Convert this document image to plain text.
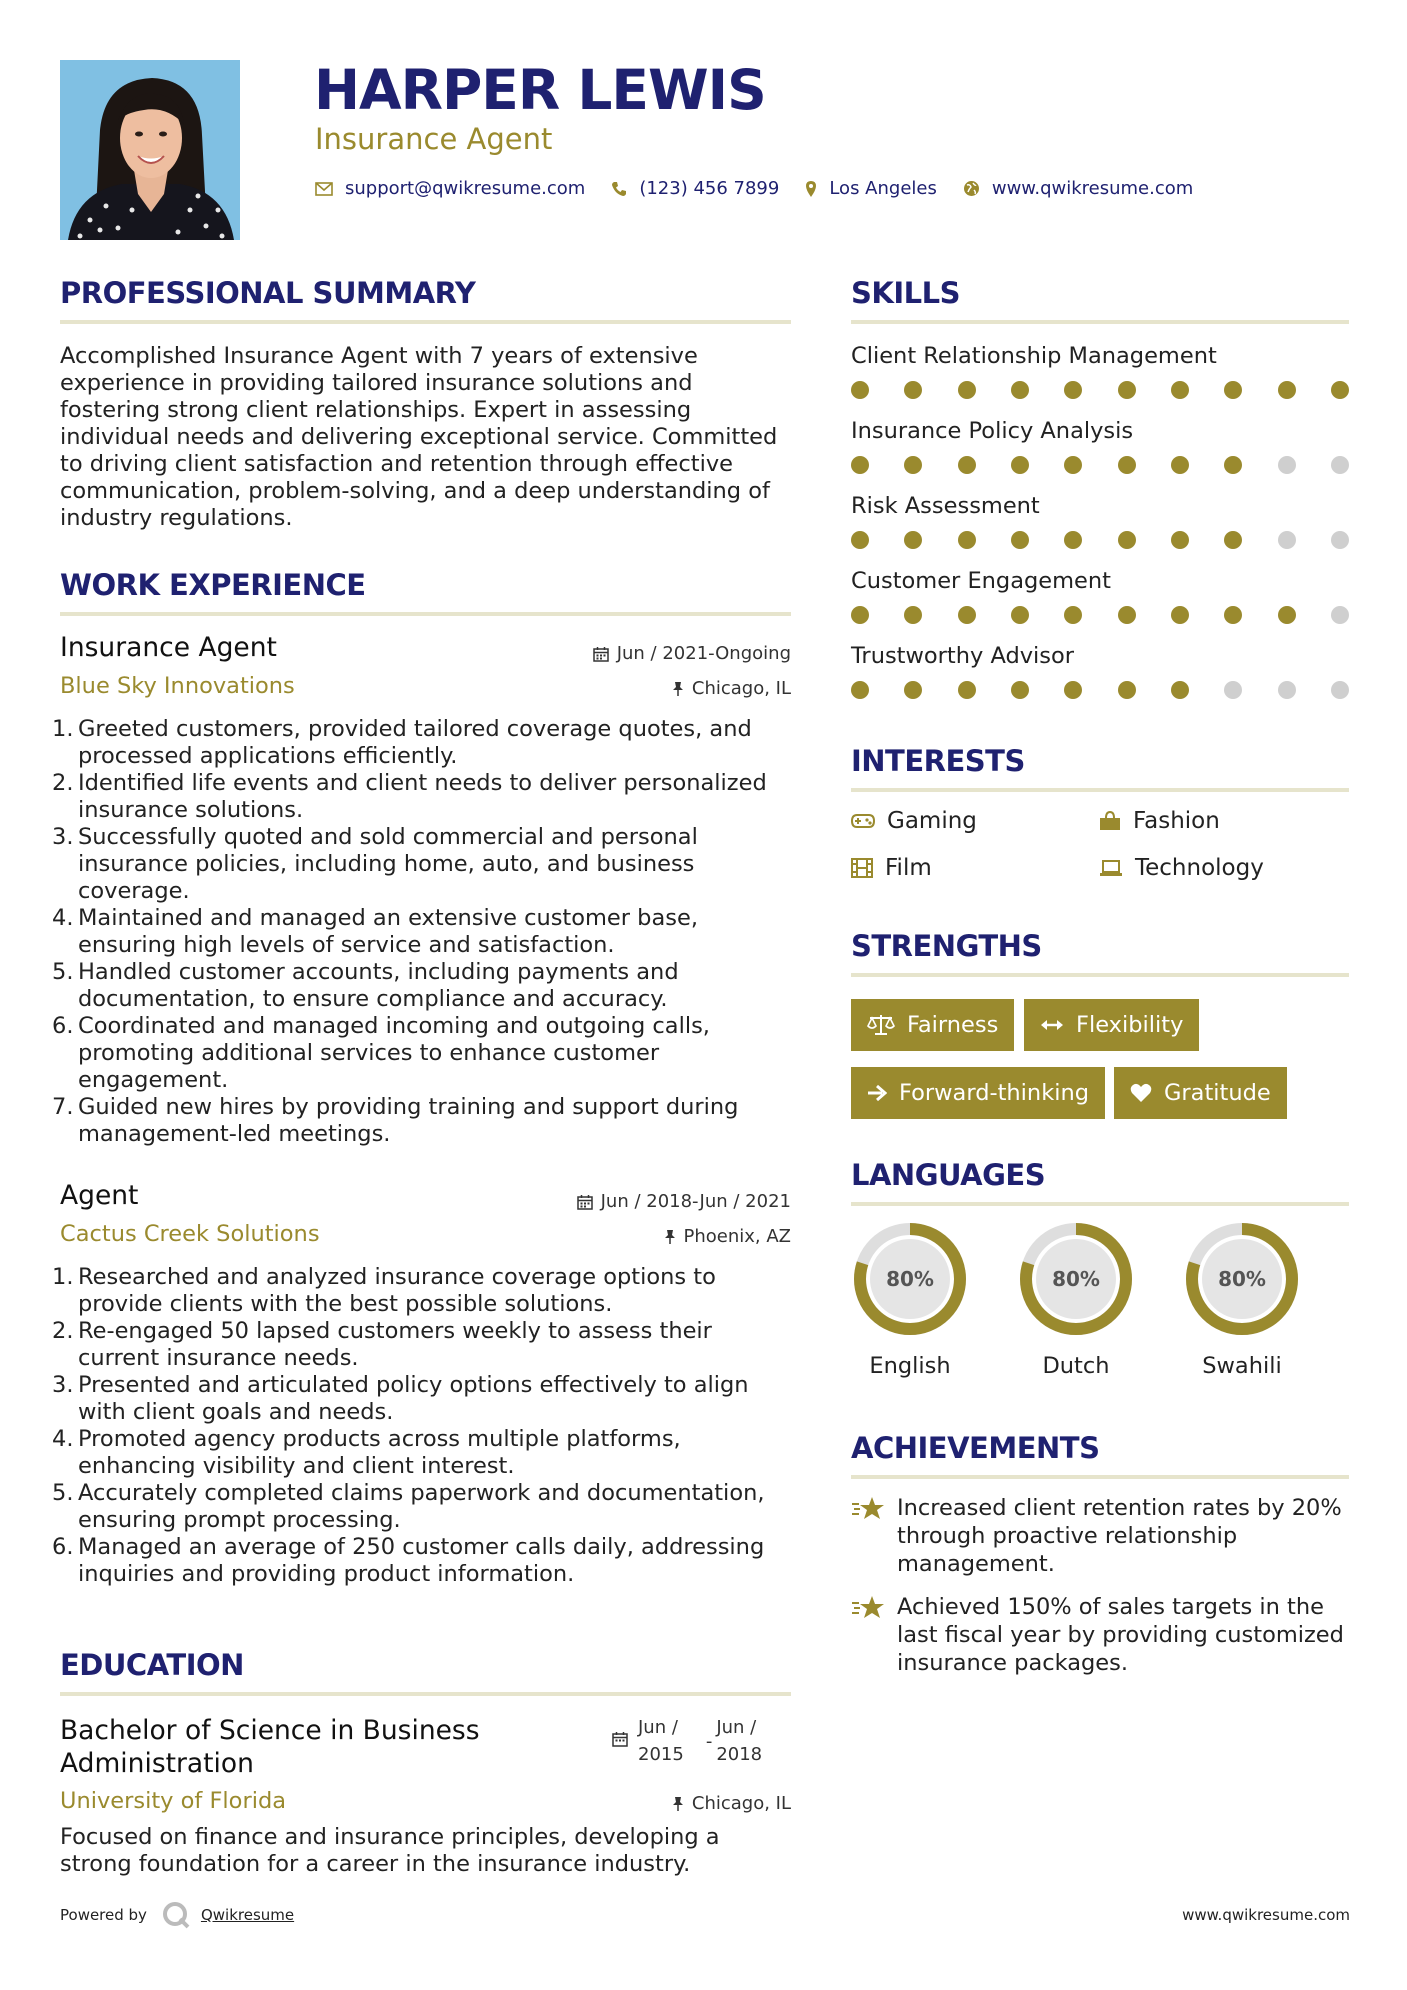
HARPER LEWIS
Insurance Agent
support@qwikresume.com	(123) 456 7899	Los Angeles	www.qwikresume.com
PROFESSIONAL SUMMARY
Accomplished Insurance Agent with 7 years of extensive experience in providing tailored insurance solutions and fostering strong client relationships. Expert in assessing individual needs and delivering exceptional service. Committed to driving client satisfaction and retention through effective communication, problem-solving, and a deep understanding of industry regulations.
WORK EXPERIENCE
Insurance Agent	Jun / 2021-Ongoing
Blue Sky Innovations	Chicago, IL
Greeted customers, provided tailored coverage quotes, and processed applications efficiently.
Identified life events and client needs to deliver personalized insurance solutions.
Successfully quoted and sold commercial and personal insurance policies, including home, auto, and business coverage.
Maintained and managed an extensive customer base, ensuring high levels of service and satisfaction.
Handled customer accounts, including payments and documentation, to ensure compliance and accuracy.
Coordinated and managed incoming and outgoing calls, promoting additional services to enhance customer engagement.
Guided new hires by providing training and support during management-led meetings.
Agent	Jun / 2018-Jun / 2021
Cactus Creek Solutions	Phoenix, AZ
Researched and analyzed insurance coverage options to provide clients with the best possible solutions.
Re-engaged 50 lapsed customers weekly to assess their current insurance needs.
Presented and articulated policy options effectively to align with client goals and needs.
Promoted agency products across multiple platforms, enhancing visibility and client interest.
Accurately completed claims paperwork and documentation, ensuring prompt processing.
Managed an average of 250 customer calls daily, addressing inquiries and providing product information.
EDUCATION
Bachelor of Science in Business Administration
Jun /
2015
-
Jun /
2018
University of Florida	Chicago, IL
Focused on finance and insurance principles, developing a strong foundation for a career in the insurance industry.
SKILLS
Client Relationship Management
Insurance Policy Analysis
Risk Assessment
Customer Engagement
Trustworthy Advisor
INTERESTS
Gaming	Fashion
Film	Technology
STRENGTHS
Fairness	Flexibility
Forward-thinking	Gratitude
LANGUAGES
80%
English
80%
Dutch
80%
Swahili
ACHIEVEMENTS
Increased client retention rates by 20% through proactive relationship management.
Achieved 150% of sales targets in the last fiscal year by providing customized insurance packages.
Powered by	Qwikresume	www.qwikresume.com
